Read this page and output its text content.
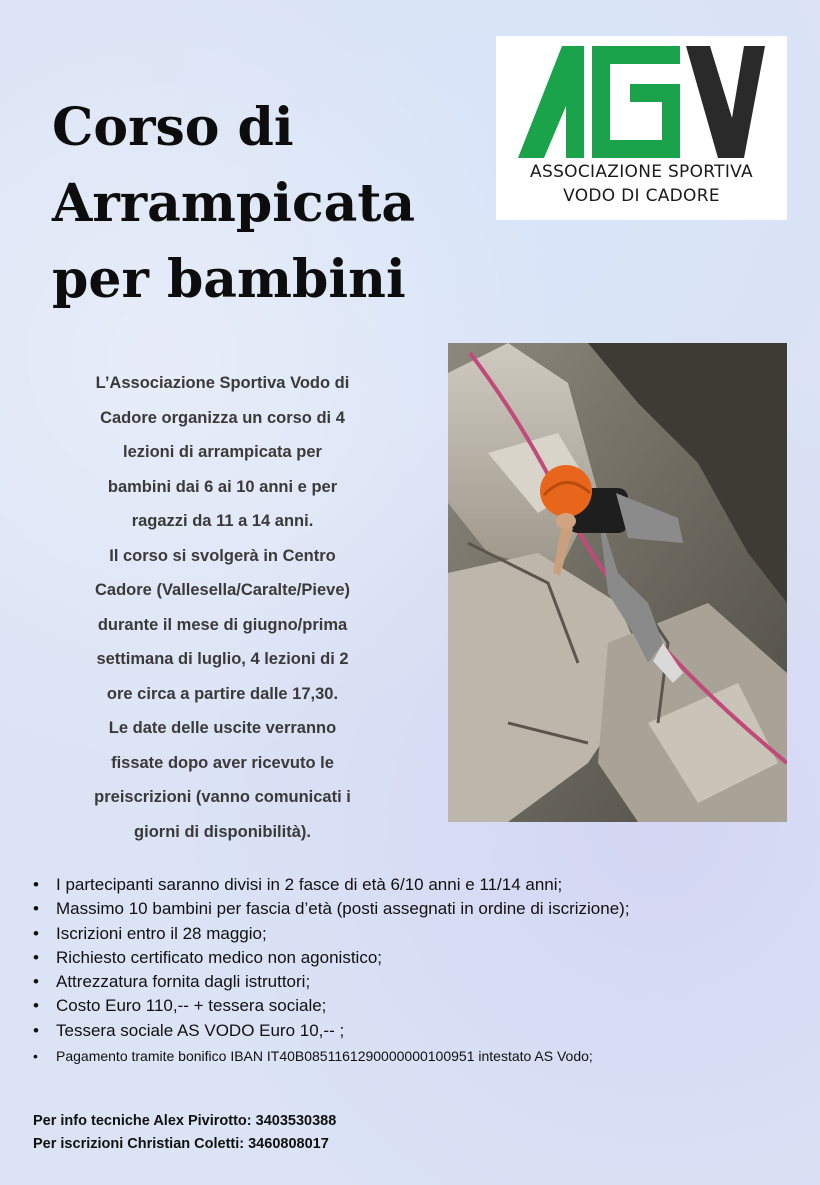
Corso di
Arrampicata
per bambini
ASSOCIAZIONE SPORTIVA
VODO DI CADORE
L’Associazione Sportiva Vodo di
Cadore organizza un corso di 4
lezioni di arrampicata per
bambini dai 6 ai 10 anni e per
ragazzi da 11 a 14 anni.
Il corso si svolgerà in Centro
Cadore (Vallesella/Caralte/Pieve)
durante il mese di giugno/prima
settimana di luglio, 4 lezioni di 2
ore circa a partire dalle 17,30.
Le date delle uscite verranno
fissate dopo aver ricevuto le
preiscrizioni (vanno comunicati i
giorni di disponibilità).
• I partecipanti saranno divisi in 2 fasce di età 6/10 anni e 11/14 anni;
• Massimo 10 bambini per fascia d’età (posti assegnati in ordine di iscrizione);
• Iscrizioni entro il 28 maggio;
• Richiesto certificato medico non agonistico;
• Attrezzatura fornita dagli istruttori;
• Costo Euro 110,-- + tessera sociale;
• Tessera sociale AS VODO Euro 10,-- ;
• Pagamento tramite bonifico IBAN IT40B0851161290000000100951 intestato AS Vodo;
Per info tecniche Alex Pivirotto: 3403530388
Per iscrizioni Christian Coletti: 3460808017
